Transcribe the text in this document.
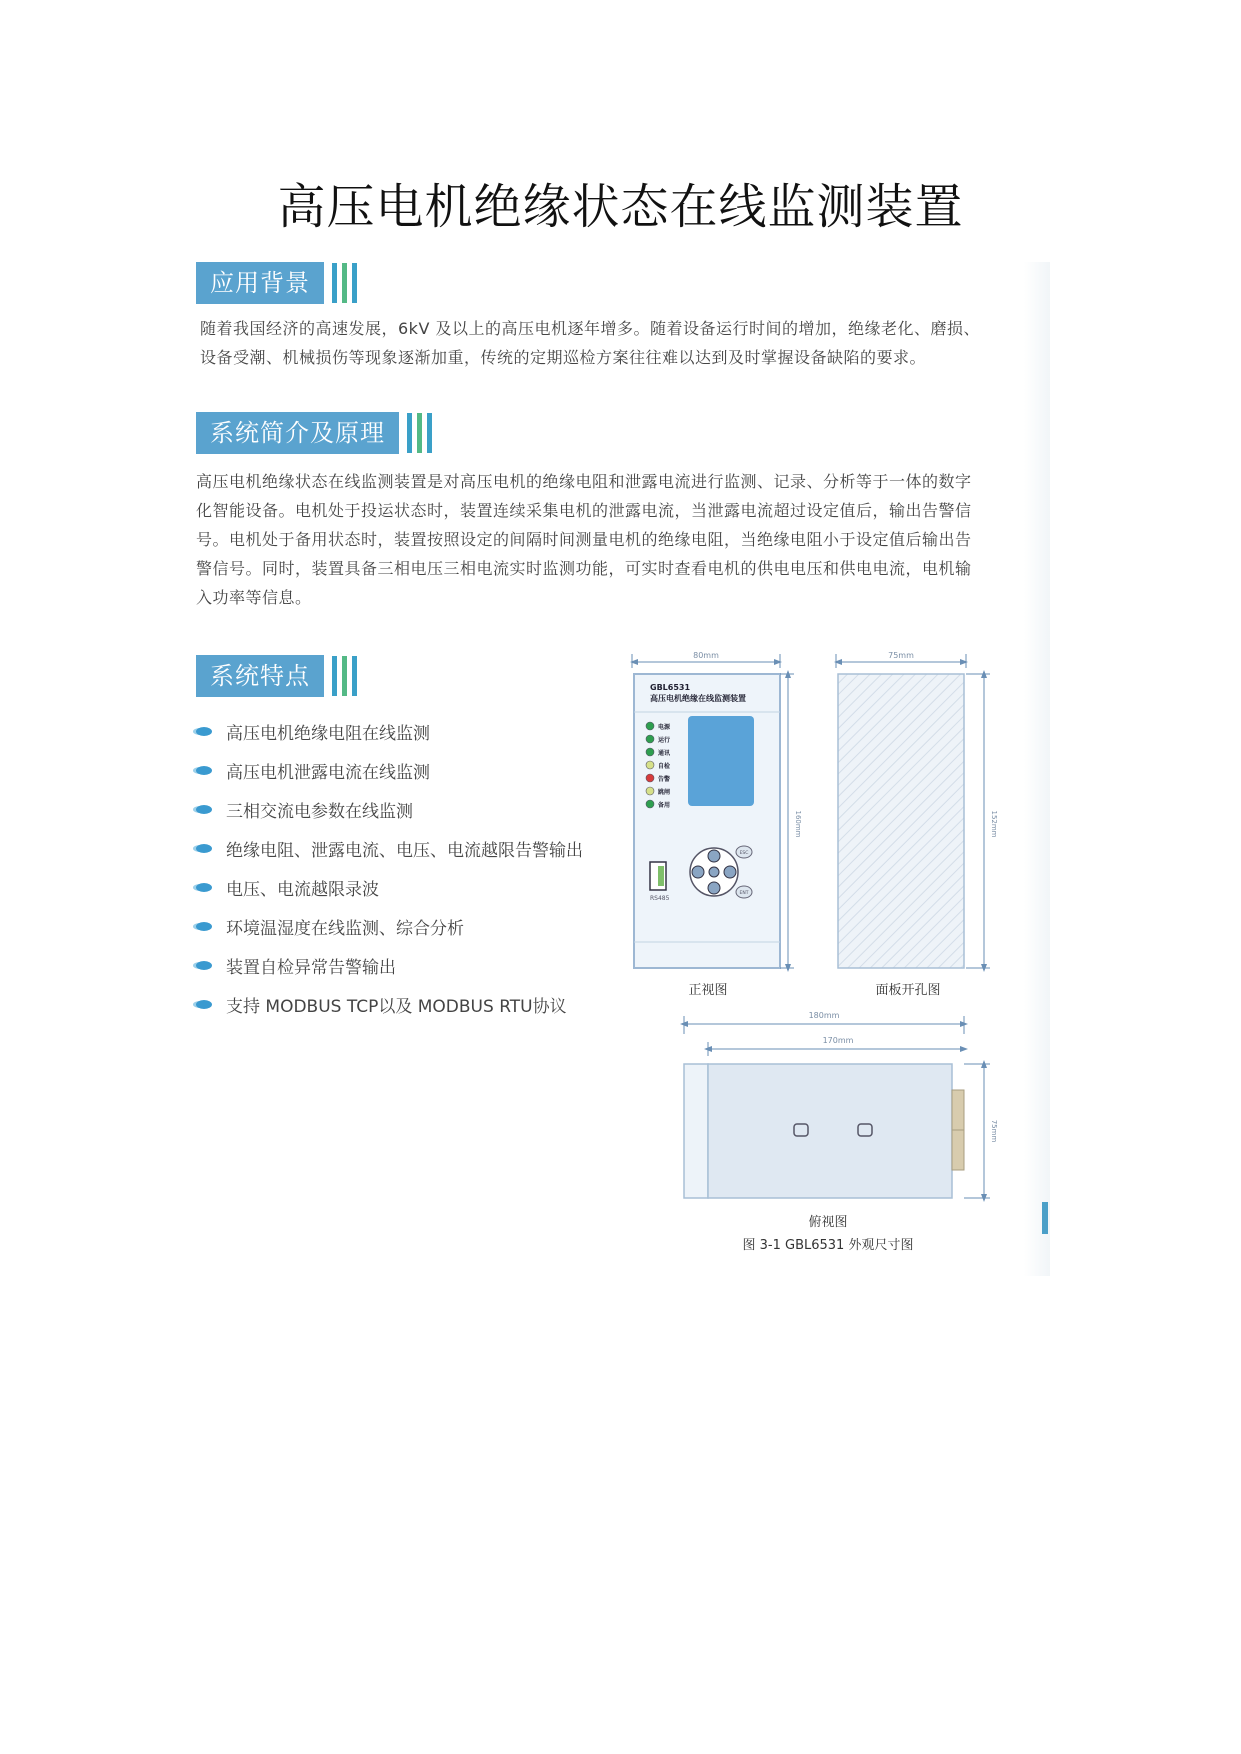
高压电机绝缘状态在线监测装置
应用背景
随着我国经济的高速发展，6kV 及以上的高压电机逐年增多。随着设备运行时间的增加，绝缘老化、磨损、
设备受潮、机械损伤等现象逐渐加重，传统的定期巡检方案往往难以达到及时掌握设备缺陷的要求。
系统简介及原理
高压电机绝缘状态在线监测装置是对高压电机的绝缘电阻和泄露电流进行监测、记录、分析等于一体的数字
化智能设备。电机处于投运状态时，装置连续采集电机的泄露电流，当泄露电流超过设定值后，输出告警信
号。电机处于备用状态时，装置按照设定的间隔时间测量电机的绝缘电阻，当绝缘电阻小于设定值后输出告
警信号。同时，装置具备三相电压三相电流实时监测功能，可实时查看电机的供电电压和供电电流，电机输
入功率等信息。
系统特点
高压电机绝缘电阻在线监测
高压电机泄露电流在线监测
三相交流电参数在线监测
绝缘电阻、泄露电流、电压、电流越限告警输出
电压、电流越限录波
环境温湿度在线监测、综合分析
装置自检异常告警输出
支持 MODBUS TCP以及 MODBUS RTU协议
80mm
GBL6531
高压电机绝缘在线监测装置
电源
运行
通讯
自检
告警
跳闸
备用
RS485
ESC
ENT
160mm
正视图
75mm
152mm
面板开孔图
180mm
170mm
75mm
俯视图
图 3-1 GBL6531 外观尺寸图
